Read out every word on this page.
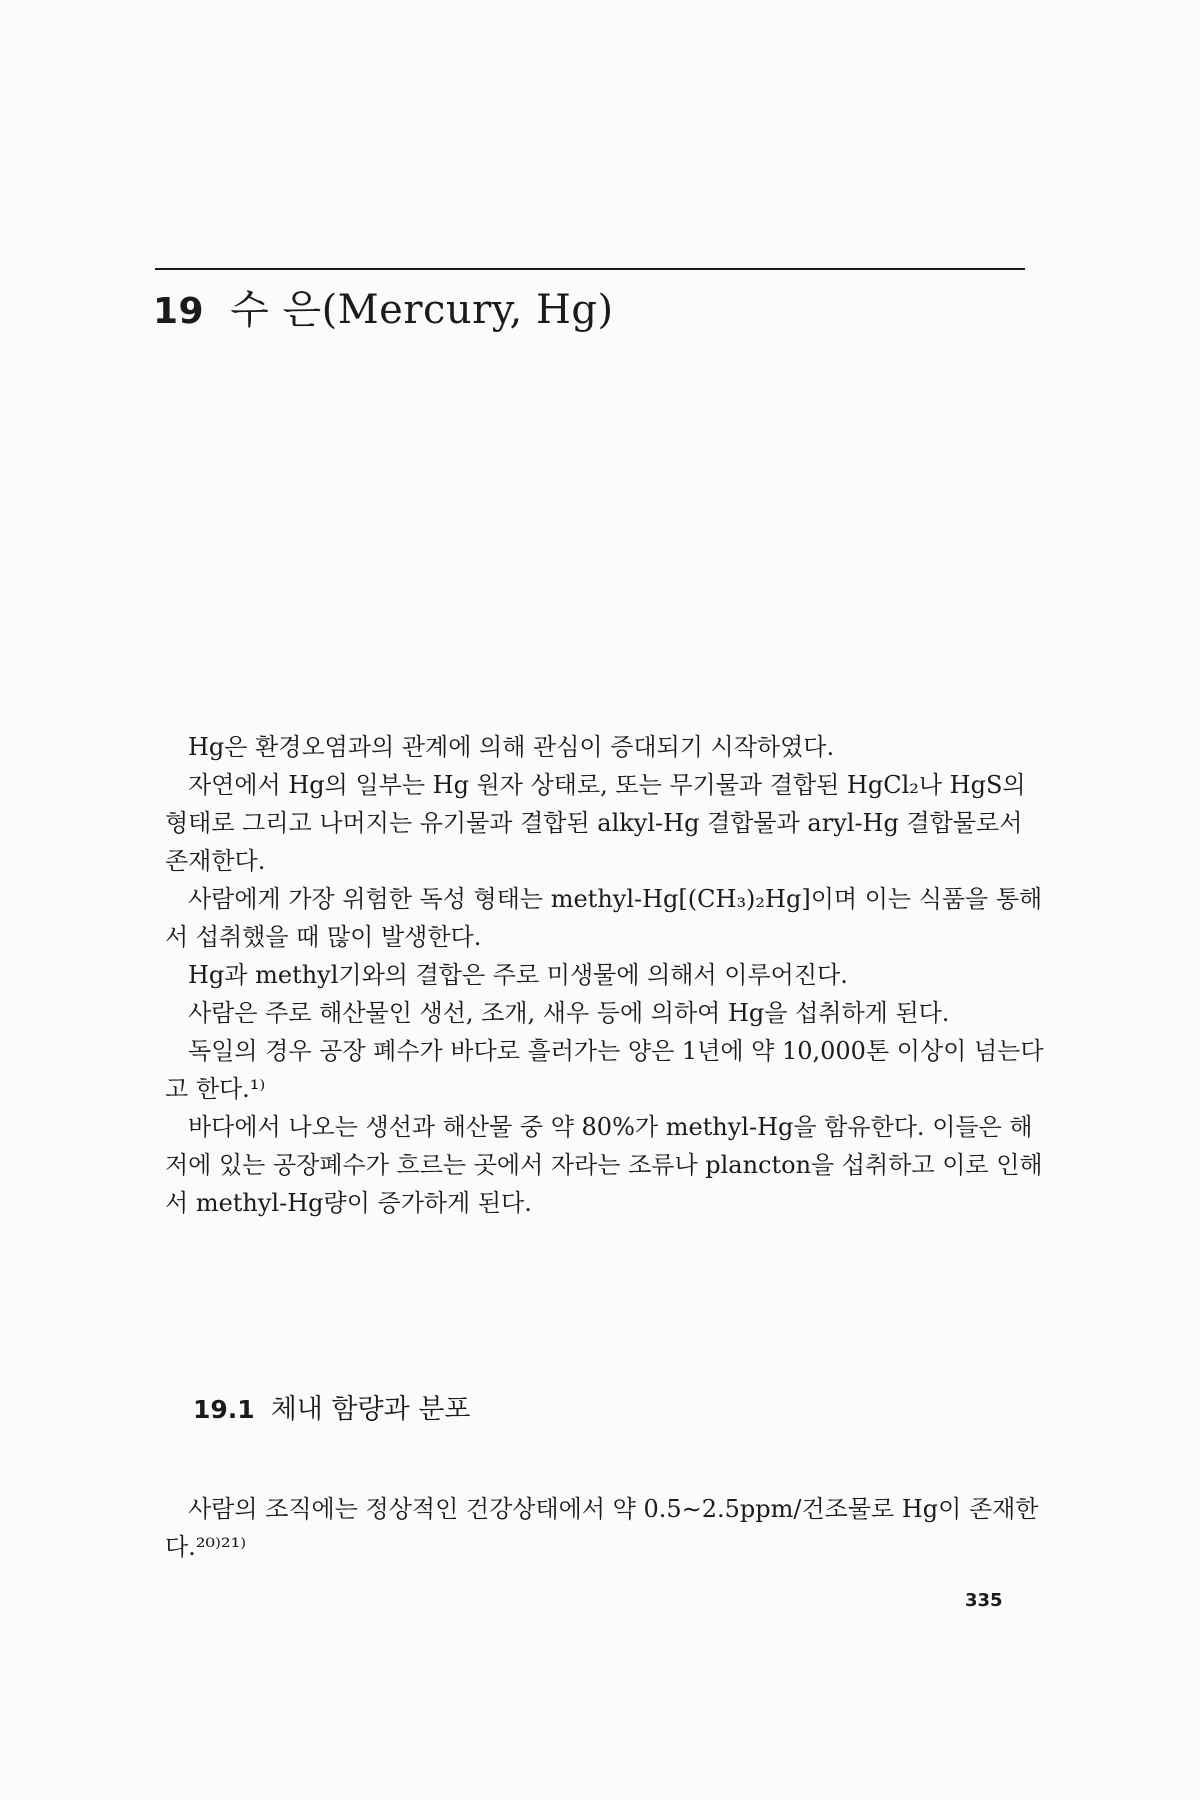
19 수 은(Mercury, Hg)

Hg은 환경오염과의 관계에 의해 관심이 증대되기 시작하였다.

자연에서 Hg의 일부는 Hg 원자 상태로, 또는 무기물과 결합된 HgCl₂나 HgS의 형태로 그리고 나머지는 유기물과 결합된 alkyl-Hg 결합물과 aryl-Hg 결합물로서 존재한다.

사람에게 가장 위험한 독성 형태는 methyl-Hg[(CH₃)₂Hg]이며 이는 식품을 통해서 섭취했을 때 많이 발생한다.

Hg과 methyl기와의 결합은 주로 미생물에 의해서 이루어진다.

사람은 주로 해산물인 생선, 조개, 새우 등에 의하여 Hg을 섭취하게 된다.

독일의 경우 공장 폐수가 바다로 흘러가는 양은 1년에 약 10,000톤 이상이 넘는다고 한다.¹⁾

바다에서 나오는 생선과 해산물 중 약 80%가 methyl-Hg을 함유한다. 이들은 해저에 있는 공장폐수가 흐르는 곳에서 자라는 조류나 plancton을 섭취하고 이로 인해서 methyl-Hg량이 증가하게 된다.

19.1 체내 함량과 분포

사람의 조직에는 정상적인 건강상태에서 약 0.5∼2.5ppm/건조물로 Hg이 존재한다.²⁰⁾²¹⁾

335
